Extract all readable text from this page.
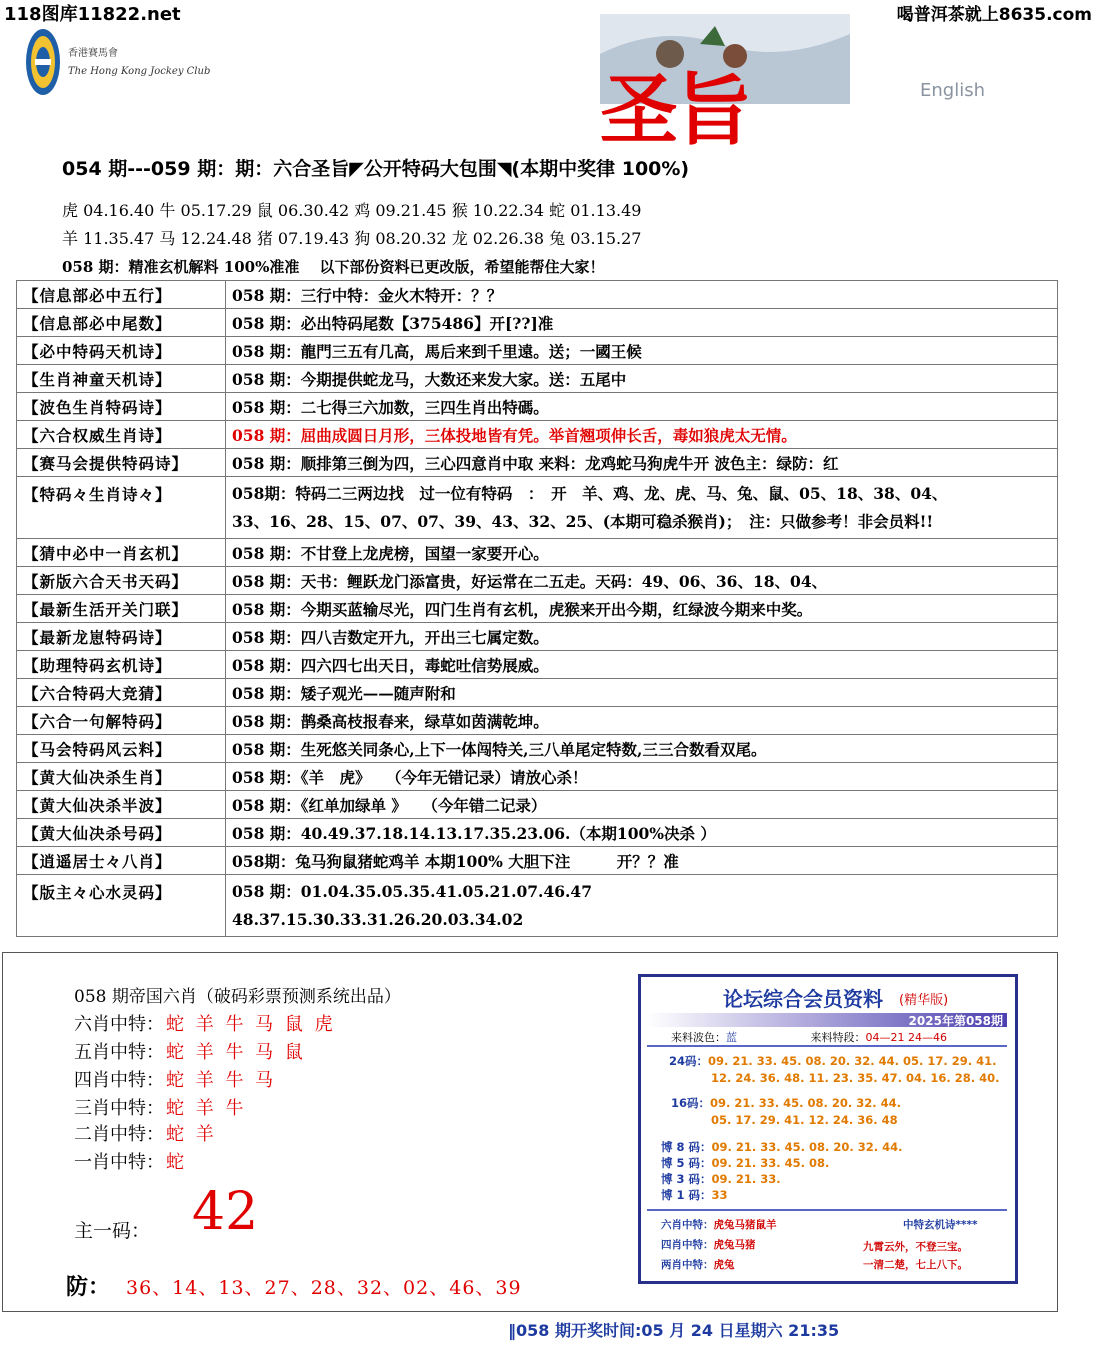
118图库11822.net	喝普洱茶就上8635.com
香港賽馬會
The Hong Kong Jockey Club	圣旨	English
054 期---059 期：期：六合圣旨◤公开特码大包围◥(本期中奖律 100%)
虎 04.16.40 牛 05.17.29 鼠 06.30.42 鸡 09.21.45 猴 10.22.34 蛇 01.13.49
羊 11.35.47 马 12.24.48 猪 07.19.43 狗 08.20.32 龙 02.26.38 兔 03.15.27
058 期：精准玄机解料 100%准准　 以下部份资料已更改版，希望能帮住大家！
【信息部必中五行】	058 期：三行中特：金火木特开：？？
【信息部必中尾数】	058 期：必出特码尾数【375486】开[??]准
【必中特码天机诗】	058 期：龍門三五有几高，馬后来到千里遠。送；一國王候
【生肖神童天机诗】	058 期：今期提供蛇龙马，大数还来发大家。送：五尾中
【波色生肖特码诗】	058 期：二七得三六加数，三四生肖出特碼。
【六合权威生肖诗】	058 期：屈曲成圆日月形，三体投地皆有凭。举首翘项伸长舌，毒如狼虎太无情。
【赛马会提供特码诗】	058 期：顺排第三倒为四，三心四意肖中取 来料：龙鸡蛇马狗虎牛开 波色主：绿防：红
【特码々生肖诗々】	058期：特码二三两边找　过一位有特码　：　开　羊、鸡、龙、虎、马、兔、鼠、05、18、38、04、
33、16、28、15、07、07、39、43、32、25、(本期可稳杀猴肖)；　注：只做参考！非会员料!!

【猜中必中一肖玄机】	058 期：不甘登上龙虎榜，国望一家要开心。
【新版六合天书天码】	058 期：天书：鲤跃龙门添富贵，好运常在二五走。天码：49、06、36、18、04、
【最新生活开关门联】	058 期：今期买蓝输尽光，四门生肖有玄机，虎猴来开出今期，红绿波今期来中奖。
【最新龙崽特码诗】	058 期：四八吉数定开九，开出三七属定数。
【助理特码玄机诗】	058 期：四六四七出天日，毒蛇吐信势展威。
【六合特码大竞猜】	058 期：矮子观光——随声附和
【六合一句解特码】	058 期：鹊桑高枝报春来，绿草如茵满乾坤。
【马会特码风云料】	058 期：生死悠关同条心,上下一体闯特关,三八单尾定特数,三三合数看双尾。
【黄大仙决杀生肖】	058 期：《羊　虎》　　（今年无错记录）请放心杀！
【黄大仙决杀半波】	058 期：《红单加绿单 》　　（今年错二记录）
【黄大仙决杀号码】	058 期：40.49.37.18.14.13.17.35.23.06.（本期100%决杀 ）
【逍遥居士々八肖】	058期：兔马狗鼠猪蛇鸡羊 本期100% 大胆下注　　　开？？准
【版主々心水灵码】	058 期：01.04.35.05.35.41.05.21.07.46.47
48.37.15.30.33.31.26.20.03.34.02
058 期帝国六肖（破码彩票预测系统出品）
六肖中特： 蛇 羊 牛 马 鼠 虎
五肖中特： 蛇 羊 牛 马 鼠
四肖中特： 蛇 羊 牛 马
三肖中特： 蛇 羊 牛
二肖中特： 蛇 羊
一肖中特： 蛇
主一码： 42
防： 36、14、13、27、28、32、02、46、39
论坛综合会员资料 (精华版)
2025年第058期
来料波色：蓝	来料特段：04—21 24—46
24码：09. 21. 33. 45. 08. 20. 32. 44. 05. 17. 29. 41.
12. 24. 36. 48. 11. 23. 35. 47. 04. 16. 28. 40.
16码：09. 21. 33. 45. 08. 20. 32. 44.
05. 17. 29. 41. 12. 24. 36. 48
博 8 码：09. 21. 33. 45. 08. 20. 32. 44.
博 5 码：09. 21. 33. 45. 08.
博 3 码：09. 21. 33.
博 1 码：33
六肖中特：虎兔马猪鼠羊
四肖中特：虎兔马猪
两肖中特：虎兔
中特玄机诗****
九霄云外，不登三宝。
一清二楚，七上八下。
‖058 期开奖时间:05 月 24 日星期六 21:35
